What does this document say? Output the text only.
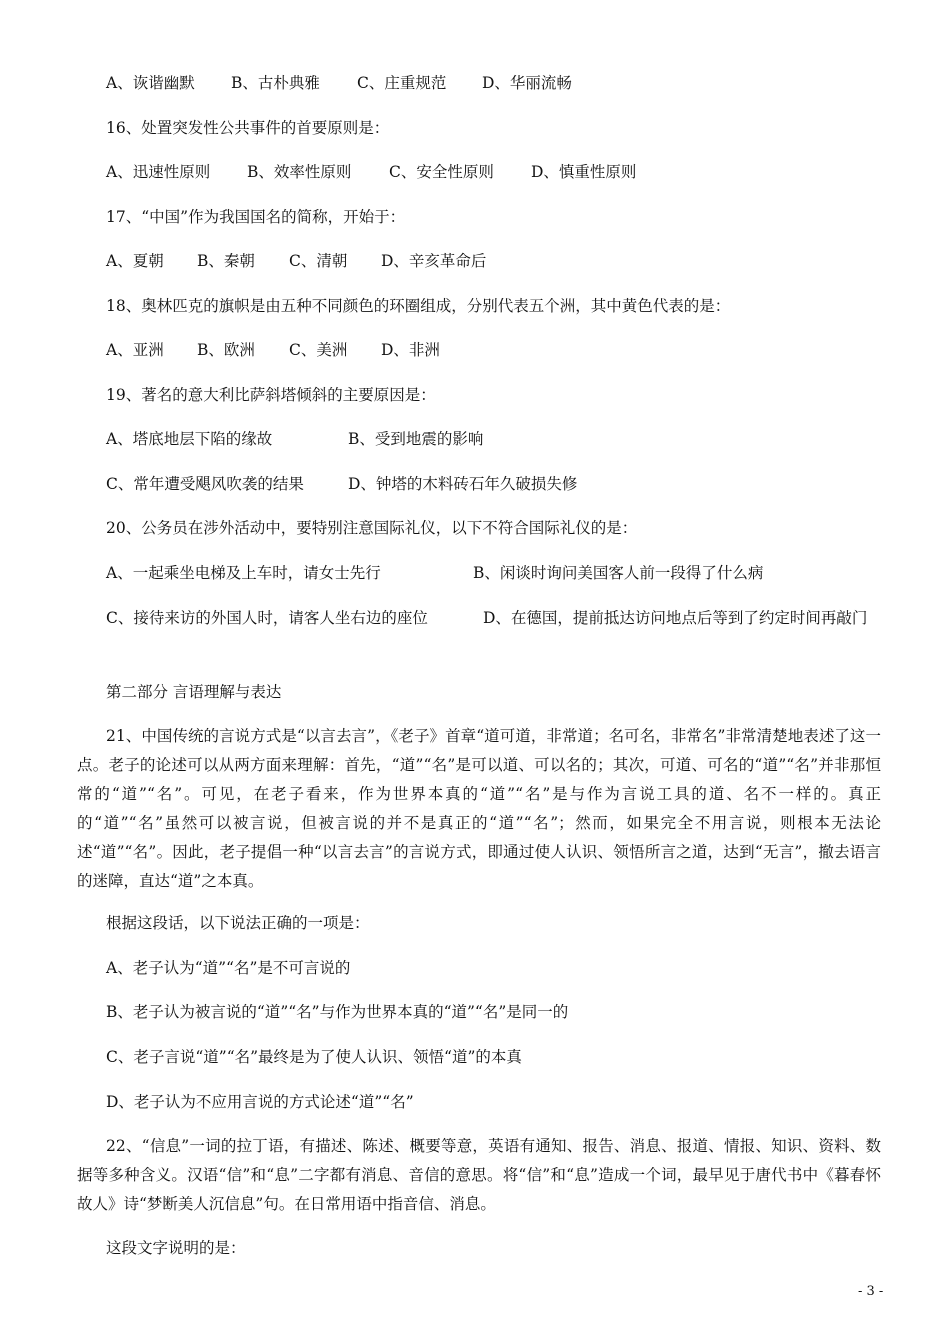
A、诙谐幽默 B、古朴典雅 C、庄重规范 D、华丽流畅
16、处置突发性公共事件的首要原则是：
A、迅速性原则 B、效率性原则 C、安全性原则 D、慎重性原则
17、“中国”作为我国国名的简称，开始于：
A、夏朝 B、秦朝 C、清朝 D、辛亥革命后
18、奥林匹克的旗帜是由五种不同颜色的环圈组成，分别代表五个洲，其中黄色代表的是：
A、亚洲 B、欧洲 C、美洲 D、非洲
19、著名的意大利比萨斜塔倾斜的主要原因是：
A、塔底地层下陷的缘故	B、受到地震的影响
C、常年遭受飓风吹袭的结果	D、钟塔的木料砖石年久破损失修
20、公务员在涉外活动中，要特别注意国际礼仪，以下不符合国际礼仪的是：
A、一起乘坐电梯及上车时，请女士先行	B、闲谈时询问美国客人前一段得了什么病
C、接待来访的外国人时，请客人坐右边的座位	D、在德国，提前抵达访问地点后等到了约定时间再敲门
第二部分 言语理解与表达
21、中国传统的言说方式是“以言去言”，《老子》首章“道可道，非常道；名可名，非常名”非常清楚地表述了这一点。老子的论述可以从两方面来理解：首先，“道”“名”是可以道、可以名的；其次，可道、可名的“道”“名”并非那恒常的“道”“名”。可见，在老子看来，作为世界本真的“道”“名”是与作为言说工具的道、名不一样的。真正的“道”“名”虽然可以被言说，但被言说的并不是真正的“道”“名”；然而，如果完全不用言说，则根本无法论述“道”“名”。因此，老子提倡一种“以言去言”的言说方式，即通过使人认识、领悟所言之道，达到“无言”，撤去语言的迷障，直达“道”之本真。
根据这段话，以下说法正确的一项是：
A、老子认为“道”“名”是不可言说的
B、老子认为被言说的“道”“名”与作为世界本真的“道”“名”是同一的
C、老子言说“道”“名”最终是为了使人认识、领悟“道”的本真
D、老子认为不应用言说的方式论述“道”“名”
22、“信息”一词的拉丁语，有描述、陈述、概要等意，英语有通知、报告、消息、报道、情报、知识、资料、数据等多种含义。汉语“信”和“息”二字都有消息、音信的意思。将“信”和“息”造成一个词，最早见于唐代书中《暮春怀故人》诗“梦断美人沉信息”句。在日常用语中指音信、消息。
这段文字说明的是：
- 3 -
